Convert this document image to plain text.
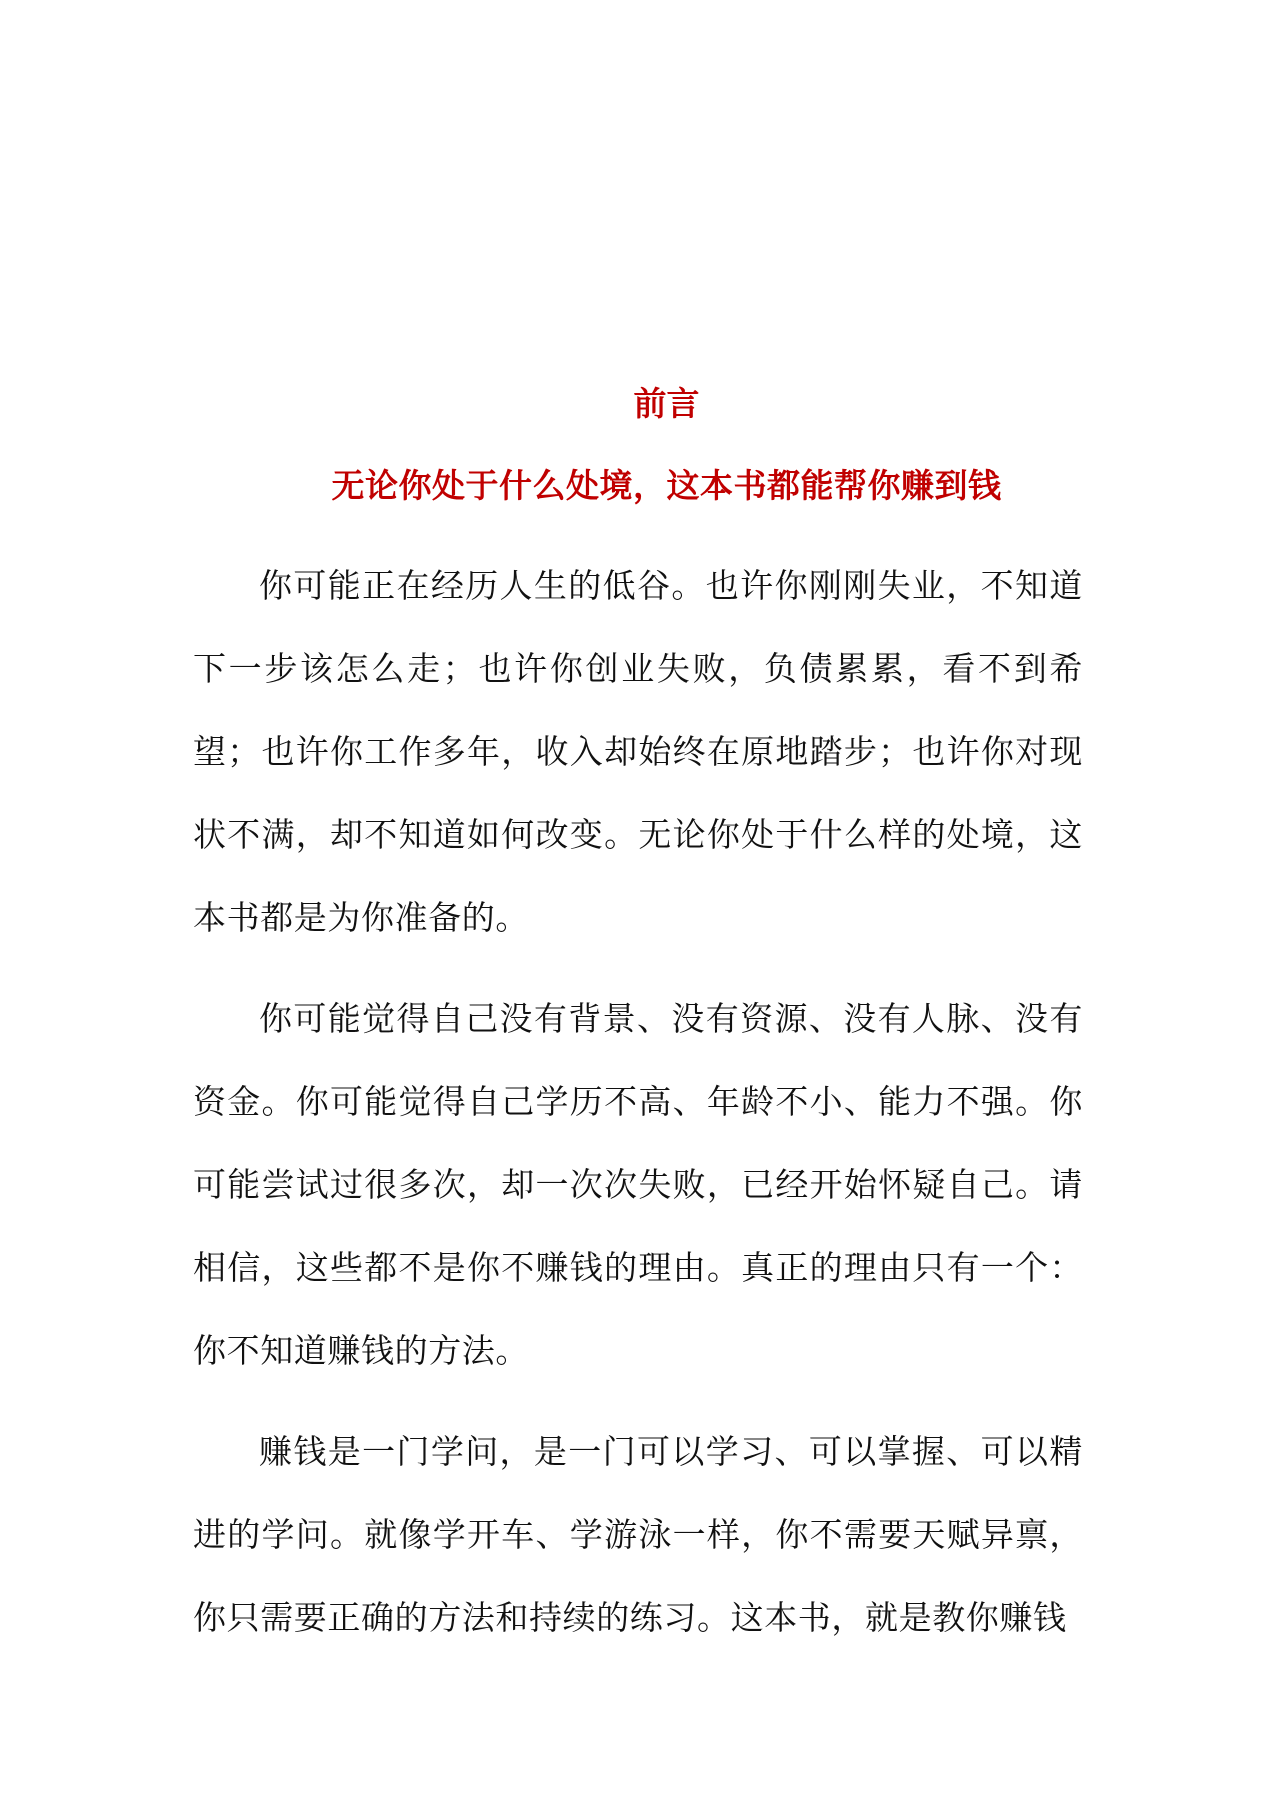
前言
无论你处于什么处境，这本书都能帮你赚到钱

你可能正在经历人生的低谷。也许你刚刚失业，不知道下一步该怎么走；也许你创业失败，负债累累，看不到希望；也许你工作多年，收入却始终在原地踏步；也许你对现状不满，却不知道如何改变。无论你处于什么样的处境，这本书都是为你准备的。

你可能觉得自己没有背景、没有资源、没有人脉、没有资金。你可能觉得自己学历不高、年龄不小、能力不强。你可能尝试过很多次，却一次次失败，已经开始怀疑自己。请相信，这些都不是你不赚钱的理由。真正的理由只有一个：你不知道赚钱的方法。

赚钱是一门学问，是一门可以学习、可以掌握、可以精进的学问。就像学开车、学游泳一样，你不需要天赋异禀，你只需要正确的方法和持续的练习。这本书，就是教你赚钱
